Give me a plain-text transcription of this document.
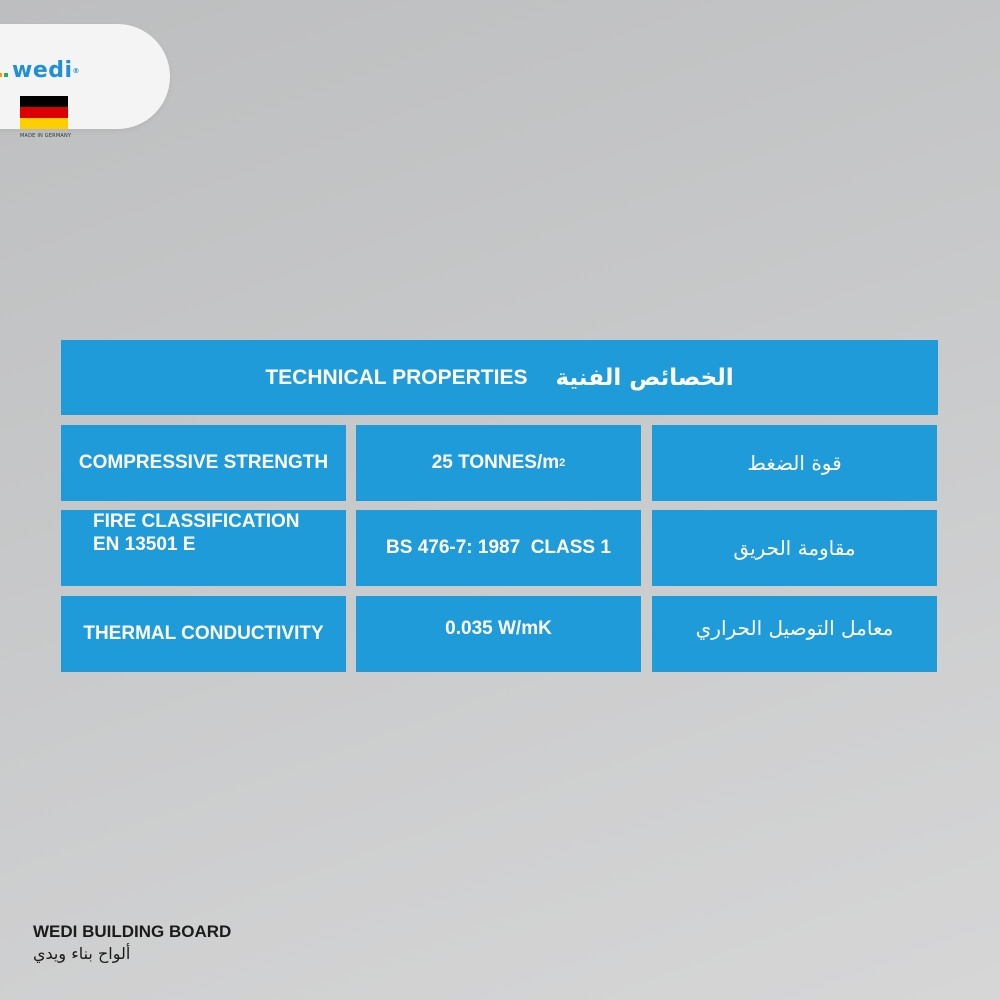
wedi®
MADE IN GERMANY
TECHNICAL PROPERTIES الخصائص الفنية
COMPRESSIVE STRENGTH	25 TONNES/m 2	قوة الضغط
FIRE CLASSIFICATION
EN 13501 E	BS 476-7: 1987  CLASS 1	مقاومة الحريق
THERMAL CONDUCTIVITY	0.035 W/mK	معامل التوصيل الحراري
WEDI BUILDING BOARD
ألواح بناء ويدي
